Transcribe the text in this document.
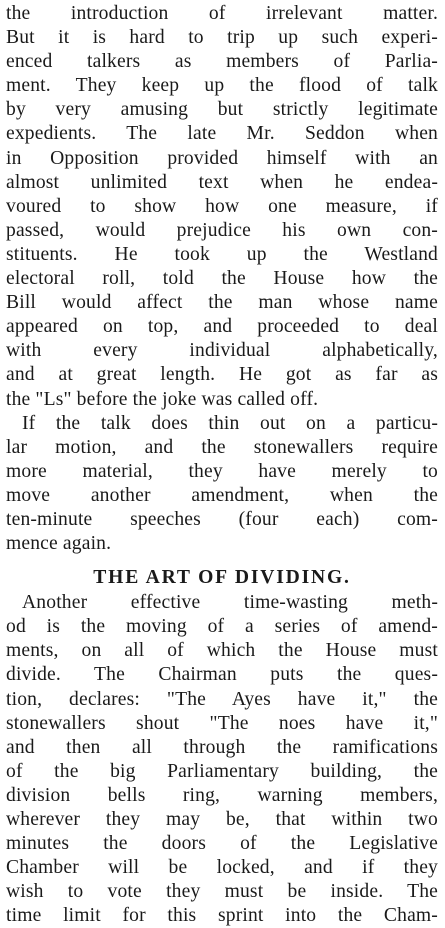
the introduction of irrelevant matter.
But it is hard to trip up such experi-
enced talkers as members of Parlia-
ment. They keep up the flood of talk
by very amusing but strictly legitimate
expedients. The late Mr. Seddon when
in Opposition provided himself with an
almost unlimited text when he endea-
voured to show how one measure, if
passed, would prejudice his own con-
stituents. He took up the Westland
electoral roll, told the House how the
Bill would affect the man whose name
appeared on top, and proceeded to deal
with every individual alphabetically,
and at great length. He got as far as
the "Ls" before the joke was called off.
If the talk does thin out on a particu-
lar motion, and the stonewallers require
more material, they have merely to
move another amendment, when the
ten-minute speeches (four each) com-
mence again.
THE ART OF DIVIDING.
Another effective time-wasting meth-
od is the moving of a series of amend-
ments, on all of which the House must
divide. The Chairman puts the ques-
tion, declares: "The Ayes have it," the
stonewallers shout "The noes have it,"
and then all through the ramifications
of the big Parliamentary building, the
division bells ring, warning members,
wherever they may be, that within two
minutes the doors of the Legislative
Chamber will be locked, and if they
wish to vote they must be inside. The
time limit for this sprint into the Cham-
